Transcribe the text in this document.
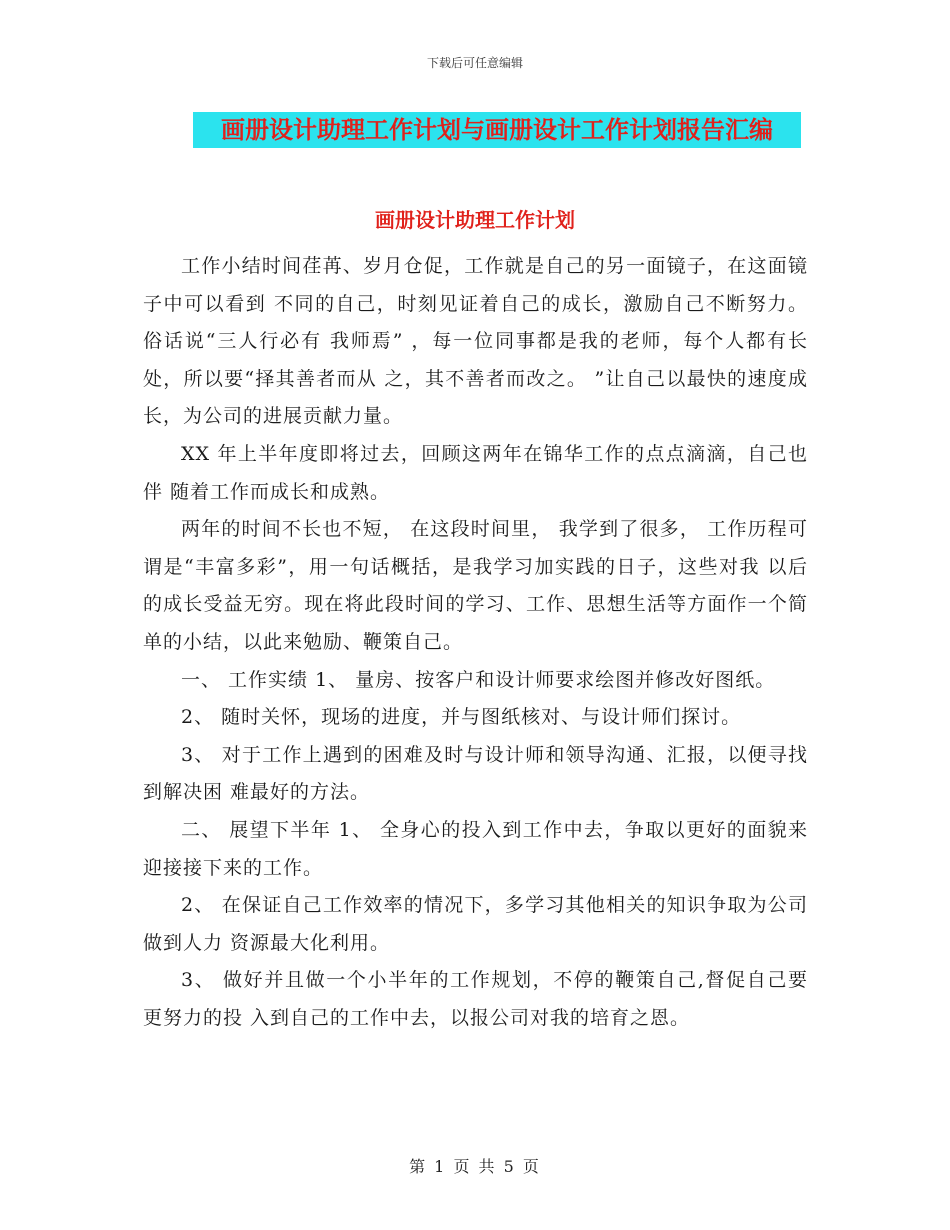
下载后可任意编辑
画册设计助理工作计划与画册设计工作计划报告汇编
画册设计助理工作计划

工作小结时间荏苒、岁月仓促，工作就是自己的另一面镜子，在这面镜子中可以看到 不同的自己，时刻见证着自己的成长，激励自己不断努力。俗话说“三人行必有 我师焉” ，每一位同事都是我的老师，每个人都有长处，所以要“择其善者而从 之，其不善者而改之。 ”让自己以最快的速度成长，为公司的进展贡献力量。

XX 年上半年度即将过去，回顾这两年在锦华工作的点点滴滴，自己也伴 随着工作而成长和成熟。

两年的时间不长也不短， 在这段时间里， 我学到了很多， 工作历程可谓是“丰富多彩”，用一句话概括，是我学习加实践的日子，这些对我 以后的成长受益无穷。现在将此段时间的学习、工作、思想生活等方面作一个简 单的小结，以此来勉励、鞭策自己。

一、 工作实绩 1、 量房、按客户和设计师要求绘图并修改好图纸。

2、 随时关怀，现场的进度，并与图纸核对、与设计师们探讨。

3、 对于工作上遇到的困难及时与设计师和领导沟通、汇报，以便寻找到解决困 难最好的方法。

二、 展望下半年 1、 全身心的投入到工作中去，争取以更好的面貌来迎接接下来的工作。

2、 在保证自己工作效率的情况下，多学习其他相关的知识争取为公司做到人力 资源最大化利用。

3、 做好并且做一个小半年的工作规划，不停的鞭策自己,督促自己要更努力的投 入到自己的工作中去，以报公司对我的培育之恩。

第 1 页 共 5 页
